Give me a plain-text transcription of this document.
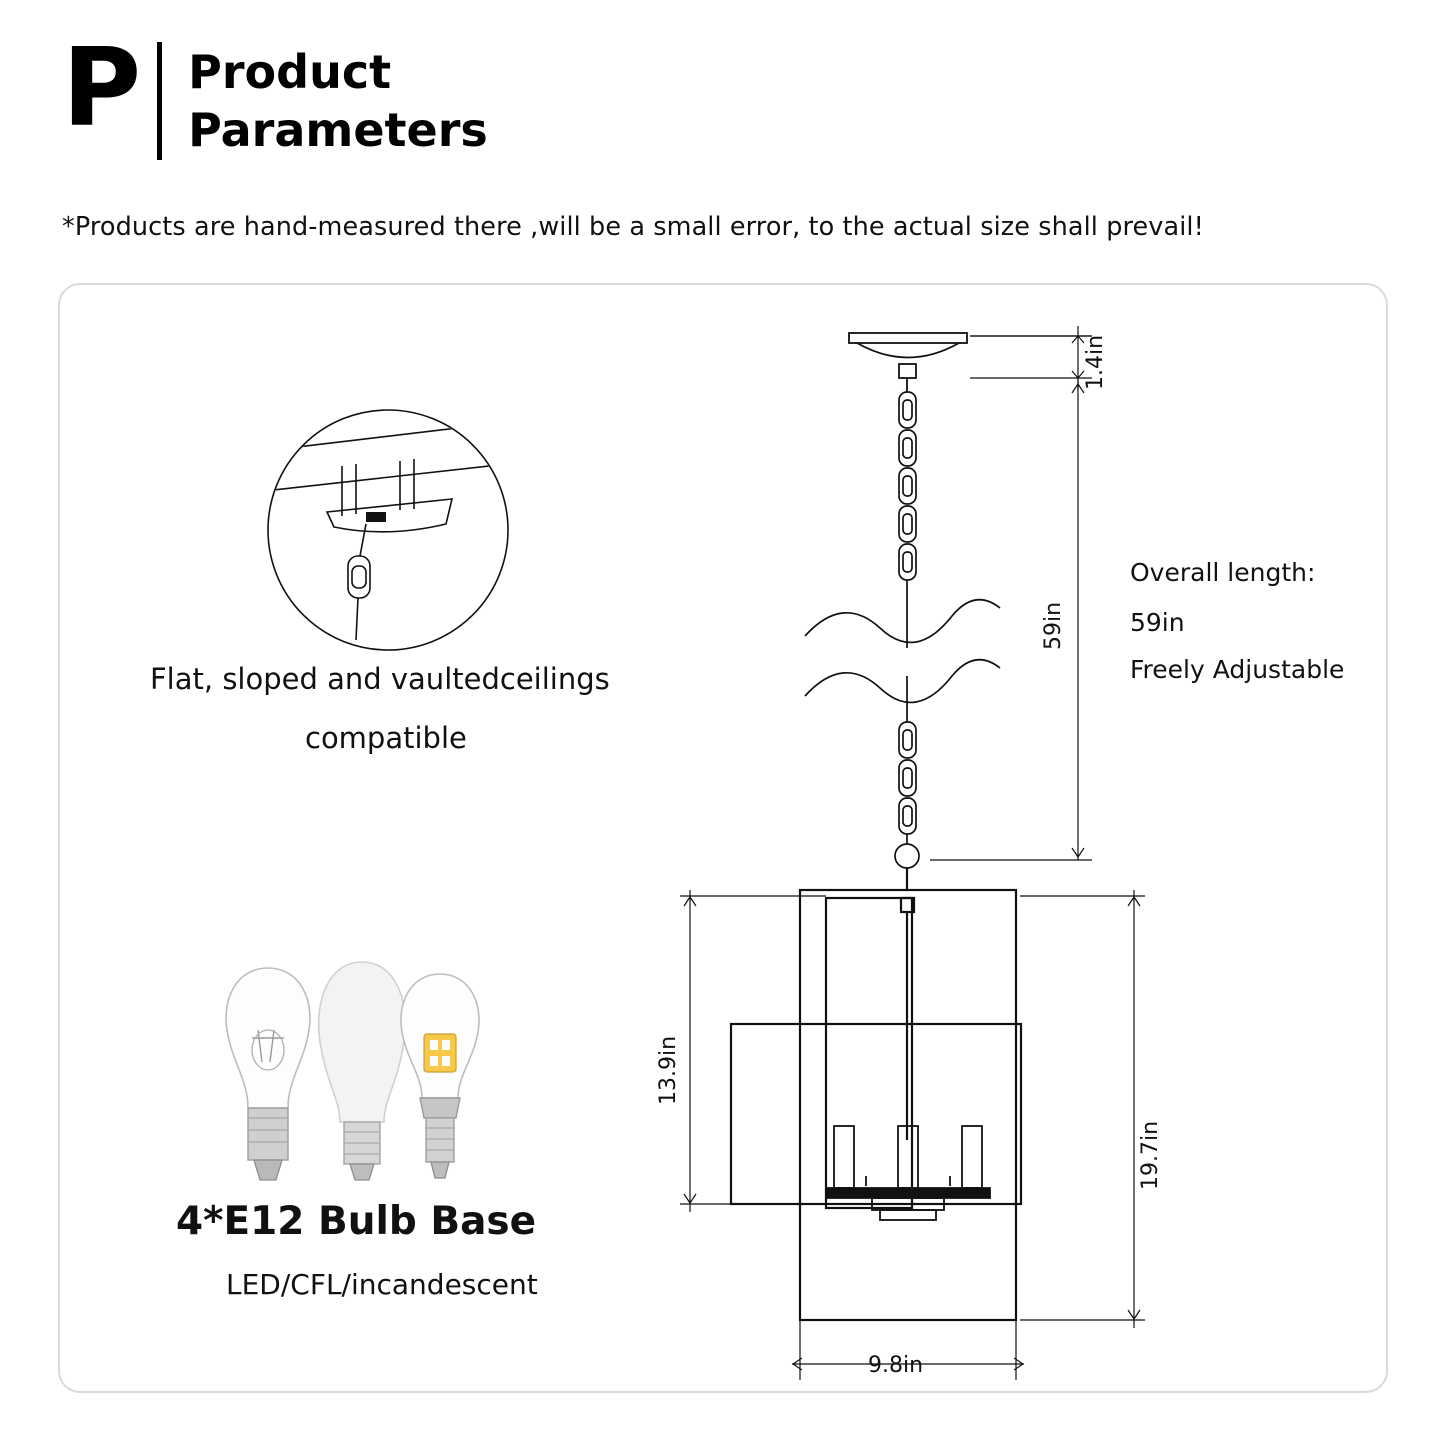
P Product
Parameters
*Products are hand-measured there ,will be a small error, to the actual size shall prevail!
1.4in
59in
13.9in
19.7in
9.8in
Flat, sloped and vaultedceilings
compatible
4*E12 Bulb Base
LED/CFL/incandescent
Overall length:
59in
Freely Adjustable
